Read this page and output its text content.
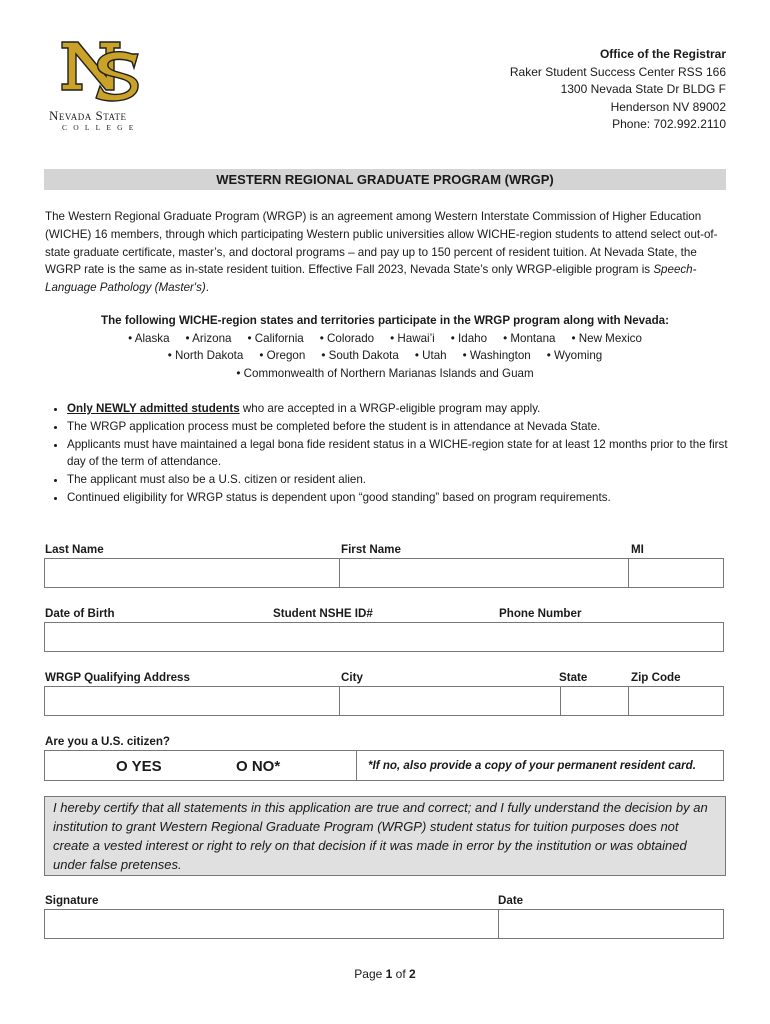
Nevada State
COLLEGE
Office of the Registrar
Raker Student Success Center RSS 166
1300 Nevada State Dr BLDG F
Henderson NV 89002
Phone: 702.992.2110
WESTERN REGIONAL GRADUATE PROGRAM (WRGP)
The Western Regional Graduate Program (WRGP) is an agreement among Western Interstate Commission of Higher Education (WICHE) 16 members, through which participating Western public universities allow WICHE-region students to attend select out-of-state graduate certificate, master’s, and doctoral programs – and pay up to 150 percent of resident tuition. At Nevada State, the WGRP rate is the same as in-state resident tuition. Effective Fall 2023, Nevada State’s only WRGP-eligible program is Speech-Language Pathology (Master's).
The following WICHE-region states and territories participate in the WRGP program along with Nevada:
• Alaska • Arizona • California • Colorado • Hawai’i • Idaho • Montana • New Mexico
• North Dakota • Oregon • South Dakota • Utah • Washington • Wyoming
• Commonwealth of Northern Marianas Islands and Guam
• Only NEWLY admitted students who are accepted in a WRGP-eligible program may apply.
• The WRGP application process must be completed before the student is in attendance at Nevada State.
• Applicants must have maintained a legal bona fide resident status in a WICHE-region state for at least 12 months prior to the first day of the term of attendance.
• The applicant must also be a U.S. citizen or resident alien.
• Continued eligibility for WRGP status is dependent upon “good standing” based on program requirements.
Last Name	First Name	MI
Date of Birth	Student NSHE ID#	Phone Number
WRGP Qualifying Address	City	State	Zip Code
Are you a U.S. citizen?
O YES	O NO*	*If no, also provide a copy of your permanent resident card.
I hereby certify that all statements in this application are true and correct; and I fully understand the decision by an institution to grant Western Regional Graduate Program (WRGP) student status for tuition purposes does not create a vested interest or right to rely on that decision if it was made in error by the institution or was obtained under false pretenses.
Signature	Date
Page 1 of 2
